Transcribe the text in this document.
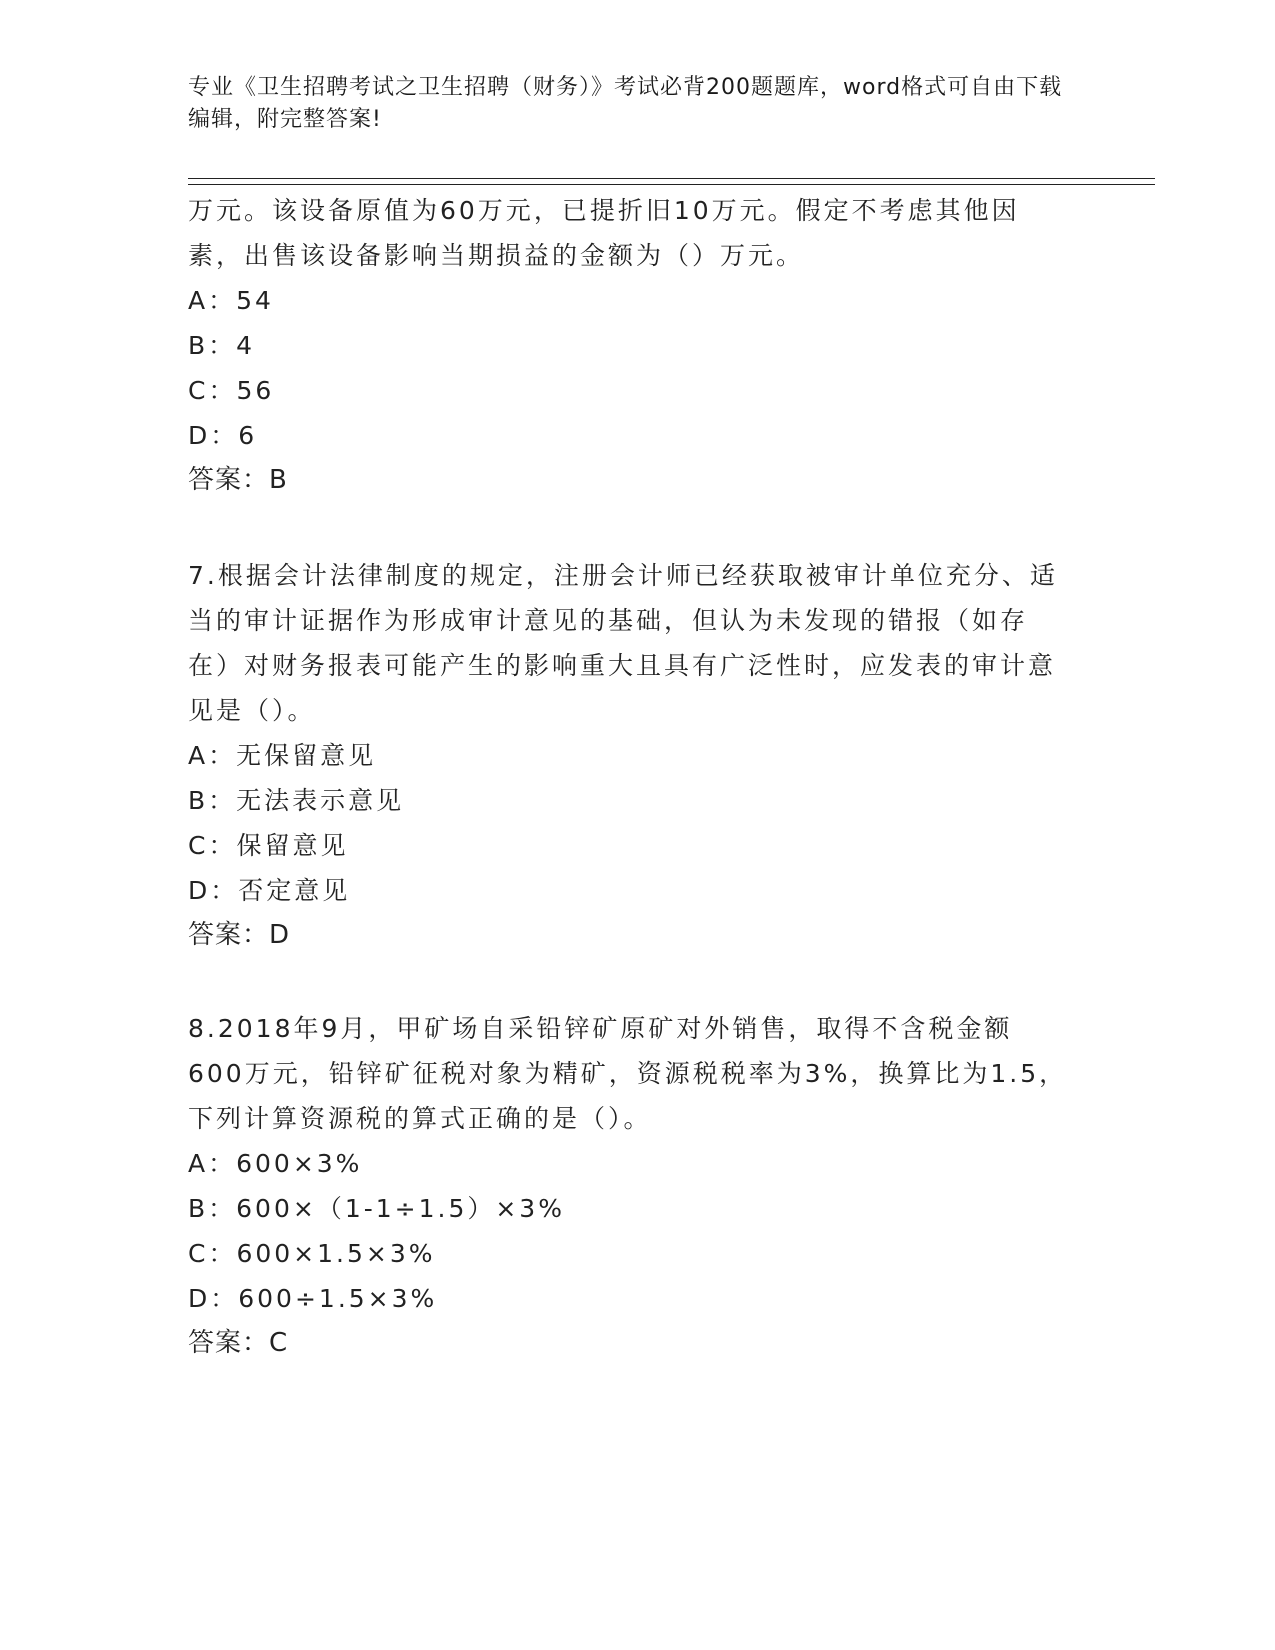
专业《卫生招聘考试之卫生招聘（财务）》考试必背200题题库，word格式可自由下载编辑，附完整答案!
万元。该设备原值为60万元，已提折旧10万元。假定不考虑其他因素，出售该设备影响当期损益的金额为（）万元。
A：54
B：4
C：56
D：6
答案：B
7.根据会计法律制度的规定，注册会计师已经获取被审计单位充分、适当的审计证据作为形成审计意见的基础，但认为未发现的错报（如存在）对财务报表可能产生的影响重大且具有广泛性时，应发表的审计意见是（）。
A：无保留意见
B：无法表示意见
C：保留意见
D：否定意见
答案：D
8.2018年9月，甲矿场自采铅锌矿原矿对外销售，取得不含税金额600万元，铅锌矿征税对象为精矿，资源税税率为3%，换算比为1.5，下列计算资源税的算式正确的是（）。
A：600×3%
B：600×（1-1÷1.5）×3%
C：600×1.5×3%
D：600÷1.5×3%
答案：C
